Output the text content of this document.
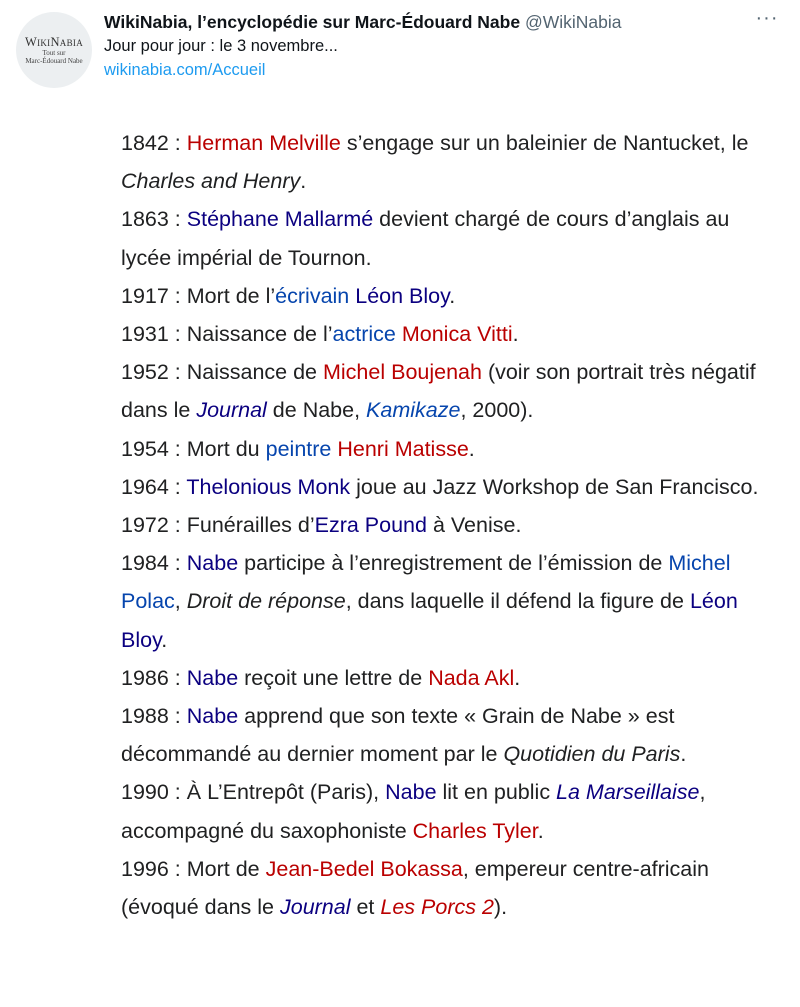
WikiNabia
Tout sur
Marc-Édouard Nabe
WikiNabia, l’encyclopédie sur Marc-Édouard Nabe @WikiNabia
Jour pour jour : le 3 novembre...
wikinabia.com/Accueil
···

1842 : Herman Melville s’engage sur un baleinier de Nantucket, le Charles and Henry.

1863 : Stéphane Mallarmé devient chargé de cours d’anglais au lycée impérial de Tournon.

1917 : Mort de l’écrivain Léon Bloy.

1931 : Naissance de l’actrice Monica Vitti.

1952 : Naissance de Michel Boujenah (voir son portrait très négatif dans le Journal de Nabe, Kamikaze, 2000).

1954 : Mort du peintre Henri Matisse.

1964 : Thelonious Monk joue au Jazz Workshop de San Francisco.

1972 : Funérailles d’Ezra Pound à Venise.

1984 : Nabe participe à l’enregistrement de l’émission de Michel Polac, Droit de réponse, dans laquelle il défend la figure de Léon Bloy.

1986 : Nabe reçoit une lettre de Nada Akl.

1988 : Nabe apprend que son texte « Grain de Nabe » est décommandé au dernier moment par le Quotidien du Paris.

1990 : À L’Entrepôt (Paris), Nabe lit en public La Marseillaise, accompagné du saxophoniste Charles Tyler.

1996 : Mort de Jean-Bedel Bokassa, empereur centre-africain (évoqué dans le Journal et Les Porcs 2).
